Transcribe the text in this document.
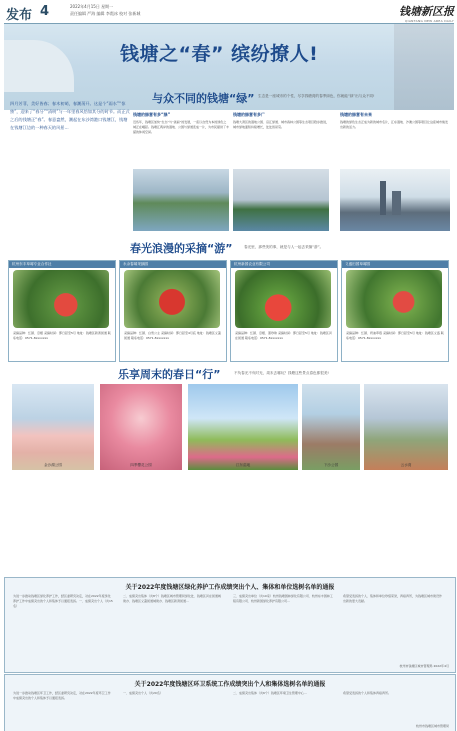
发布 4	2022年4月15日 星期一
责任编辑 严海 编辑 李霞冰 校对 张新城	钱塘新区报
QIANTANG NEW AREA DAILY
钱塘之“春” 缤纷撩人!
与众不同的钱塘“绿” 生态是一座城市的个性，尽享钱塘湾的春季绿色，你就能“绿”出与众不同!
四月芳菲，美好皆春；春木初萌，春潮荡开。这是个“雨水”“惊蛰”，迎来了“春分”“清明”与一年里春风恰如其分的时节。而正式之后的钱塘正“春”。春意盎然，潮起在东沙湾港口钱塘江，钱塘在钱塘江边的一种春天的风景…
钱塘的绿意有多“绿”
近些年，钱塘区加快“生态”与“美丽”的发展，一座以自然为本的绿色之城正在崛起。钱塘江两岸的湿地、公园与绿道连成一片，为市民提供了丰富的休闲空间。
钱塘的绿意有多广
钱塘大湾区的湿地公园、沿江绿道、城市森林公园等生态项目稳步推进，城市绿地面积持续增长，处处皆是景。
钱塘的绿意有未来
钱塘的绿色生态正成为新的城市名片，江东湿地、沙滩公园等项目让这座城市焕发出新的活力。
春光浪漫的采摘“游”	春光里，那些美的事，就是与人一起去采摘“游”。
杭州东丰草莓专业合作社
采摘品种：红颜、章姬 采摘时间：即日起至5月 地址：钱塘区新湾街道 联系电话：0571-8xxxxxxx
永余春莓采摘园
采摘品种：红颜、白雪公主 采摘时间：即日起至4月底 地址：钱塘区义蓬街道 联系电话：0571-8xxxxxxx
杭州新园农业有限公司
采摘品种：红颜、章姬、黑珍珠 采摘时间：即日起至5月 地址：钱塘区河庄街道 联系电话：0571-8xxxxxxx
义盛田园草莓园
采摘品种：红颜、奶油草莓 采摘时间：即日起至5月 地址：钱塘区义盛 联系电话：0571-8xxxxxxx
乐享周末的春日“行”	不负春光不负时光，周末去哪玩？钱塘这些景点春色都很美!
金沙湖公园	四季樱花公园	江东湿地	下沙公园	云水湾
关于2022年度钱塘区绿化养护工作成绩突出个人、集体和单位选树名单的通报
为进一步推动钱塘区绿化养护工作，经区委研究决定，对在2022年度绿化养护工作中成绩突出的个人和集体予以通报表扬。一、成绩突出个人（共15名）
二、成绩突出集体（共8个）钱塘区城市管理局绿化处、钱塘区河庄街道城建办、钱塘区义蓬街道城建办、钱塘区新湾街道…
三、成绩突出单位（共10家）杭州钱塘园林绿化有限公司、杭州东丰园林工程有限公司、杭州新园绿化养护有限公司…
希望受表扬的个人、集体和单位珍惜荣誉，再接再厉，为钱塘区城市建设作出新的更大贡献。
杭州市钱塘区城市管理局 2022年4月
关于2022年度钱塘区环卫系统工作成绩突出个人和集体选树名单的通报
为进一步推动钱塘区环卫工作，经区委研究决定，对在2022年度环卫工作中成绩突出的个人和集体予以通报表扬。
一、成绩突出个人（共20名）	二、成绩突出集体（共6个）钱塘区环境卫生管理中心…	希望受表扬的个人和集体再接再厉。
杭州市钱塘区城市管理局
